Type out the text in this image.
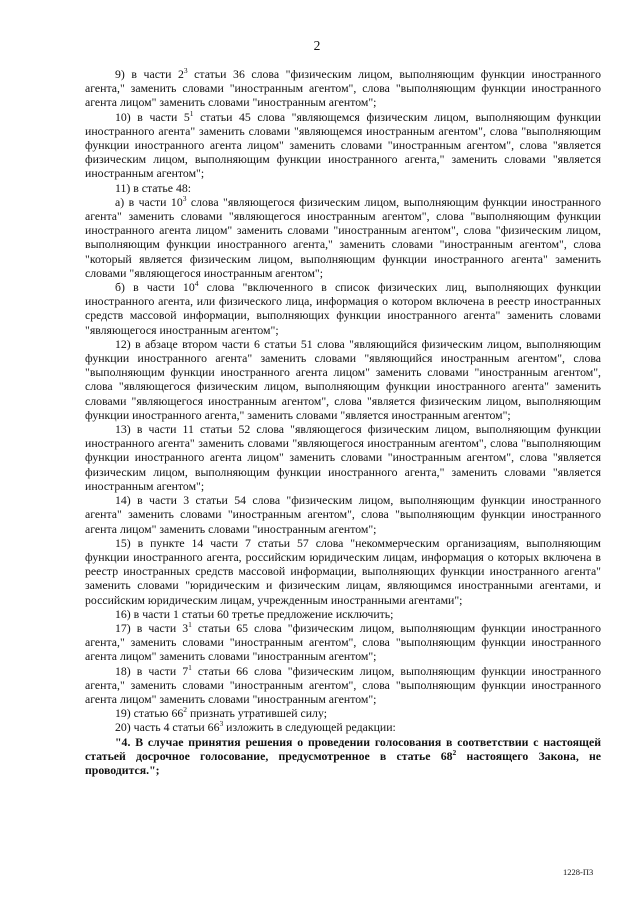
2

9) в части $2^3$ статьи 36 слова "физическим лицом, выполняющим функции иностранного агента," заменить словами "иностранным агентом", слова "выполняющим функции иностранного агента лицом" заменить словами "иностранным агентом";

10) в части $5^1$ статьи 45 слова "являющемся физическим лицом, выполняющим функции иностранного агента" заменить словами "являющемся иностранным агентом", слова "выполняющим функции иностранного агента лицом" заменить словами "иностранным агентом", слова "является физическим лицом, выполняющим функции иностранного агента," заменить словами "является иностранным агентом";

11) в статье 48:

а) в части $10^3$ слова "являющегося физическим лицом, выполняющим функции иностранного агента" заменить словами "являющегося иностранным агентом", слова "выполняющим функции иностранного агента лицом" заменить словами "иностранным агентом", слова "физическим лицом, выполняющим функции иностранного агента," заменить словами "иностранным агентом", слова "который является физическим лицом, выполняющим функции иностранного агента" заменить словами "являющегося иностранным агентом";

б) в части $10^4$ слова "включенного в список физических лиц, выполняющих функции иностранного агента, или физического лица, информация о котором включена в реестр иностранных средств массовой информации, выполняющих функции иностранного агента" заменить словами "являющегося иностранным агентом";

12) в абзаце втором части 6 статьи 51 слова "являющийся физическим лицом, выполняющим функции иностранного агента" заменить словами "являющийся иностранным агентом", слова "выполняющим функции иностранного агента лицом" заменить словами "иностранным агентом", слова "являющегося физическим лицом, выполняющим функции иностранного агента" заменить словами "являющегося иностранным агентом", слова "является физическим лицом, выполняющим функции иностранного агента," заменить словами "является иностранным агентом";

13) в части 11 статьи 52 слова "являющегося физическим лицом, выполняющим функции иностранного агента" заменить словами "являющегося иностранным агентом", слова "выполняющим функции иностранного агента лицом" заменить словами "иностранным агентом", слова "является физическим лицом, выполняющим функции иностранного агента," заменить словами "является иностранным агентом";

14) в части 3 статьи 54 слова "физическим лицом, выполняющим функции иностранного агента" заменить словами "иностранным агентом", слова "выполняющим функции иностранного агента лицом" заменить словами "иностранным агентом";

15) в пункте 14 части 7 статьи 57 слова "некоммерческим организациям, выполняющим функции иностранного агента, российским юридическим лицам, информация о которых включена в реестр иностранных средств массовой информации, выполняющих функции иностранного агента" заменить словами "юридическим и физическим лицам, являющимся иностранными агентами, и российским юридическим лицам, учрежденным иностранными агентами";

16) в части 1 статьи 60 третье предложение исключить;

17) в части $3^1$ статьи 65 слова "физическим лицом, выполняющим функции иностранного агента," заменить словами "иностранным агентом", слова "выполняющим функции иностранного агента лицом" заменить словами "иностранным агентом";

18) в части $7^1$ статьи 66 слова "физическим лицом, выполняющим функции иностранного агента," заменить словами "иностранным агентом", слова "выполняющим функции иностранного агента лицом" заменить словами "иностранным агентом";

19) статью $66^2$ признать утратившей силу;

20) часть 4 статьи $66^3$ изложить в следующей редакции:

"4. В случае принятия решения о проведении голосования в соответствии с настоящей статьей досрочное голосование, предусмотренное в статье $68^2$ настоящего Закона, не проводится.";

1228-П3
